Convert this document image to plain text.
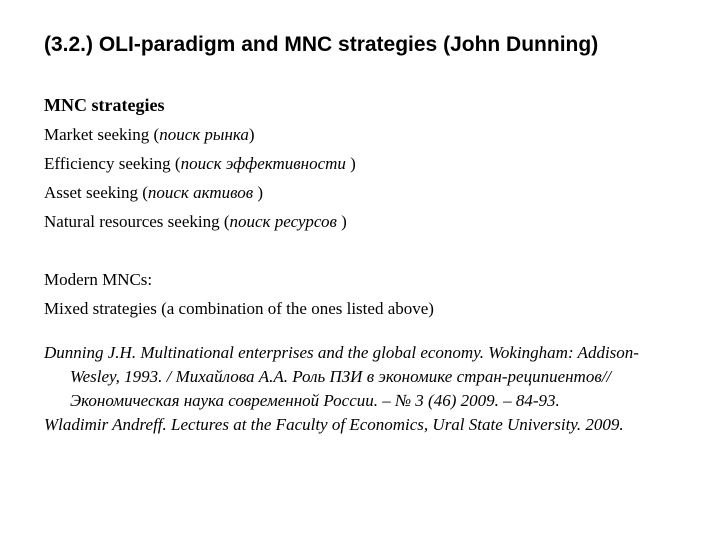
(3.2.) OLI-paradigm and MNC strategies (John Dunning)
MNC strategies
Market seeking (поиск рынка)
Efficiency seeking (поиск эффективности )
Asset seeking (поиск активов )
Natural resources seeking (поиск ресурсов )
Modern MNCs:
Mixed strategies (a combination of the ones listed above)
Dunning J.H. Multinational enterprises and the global economy. Wokingham: Addison-Wesley, 1993. / Михайлова А.А. Роль ПЗИ в экономике стран-реципиентов// Экономическая наука современной России. – № 3 (46) 2009. – 84-93.
Wladimir Andreff. Lectures at the Faculty of Economics, Ural State University. 2009.
